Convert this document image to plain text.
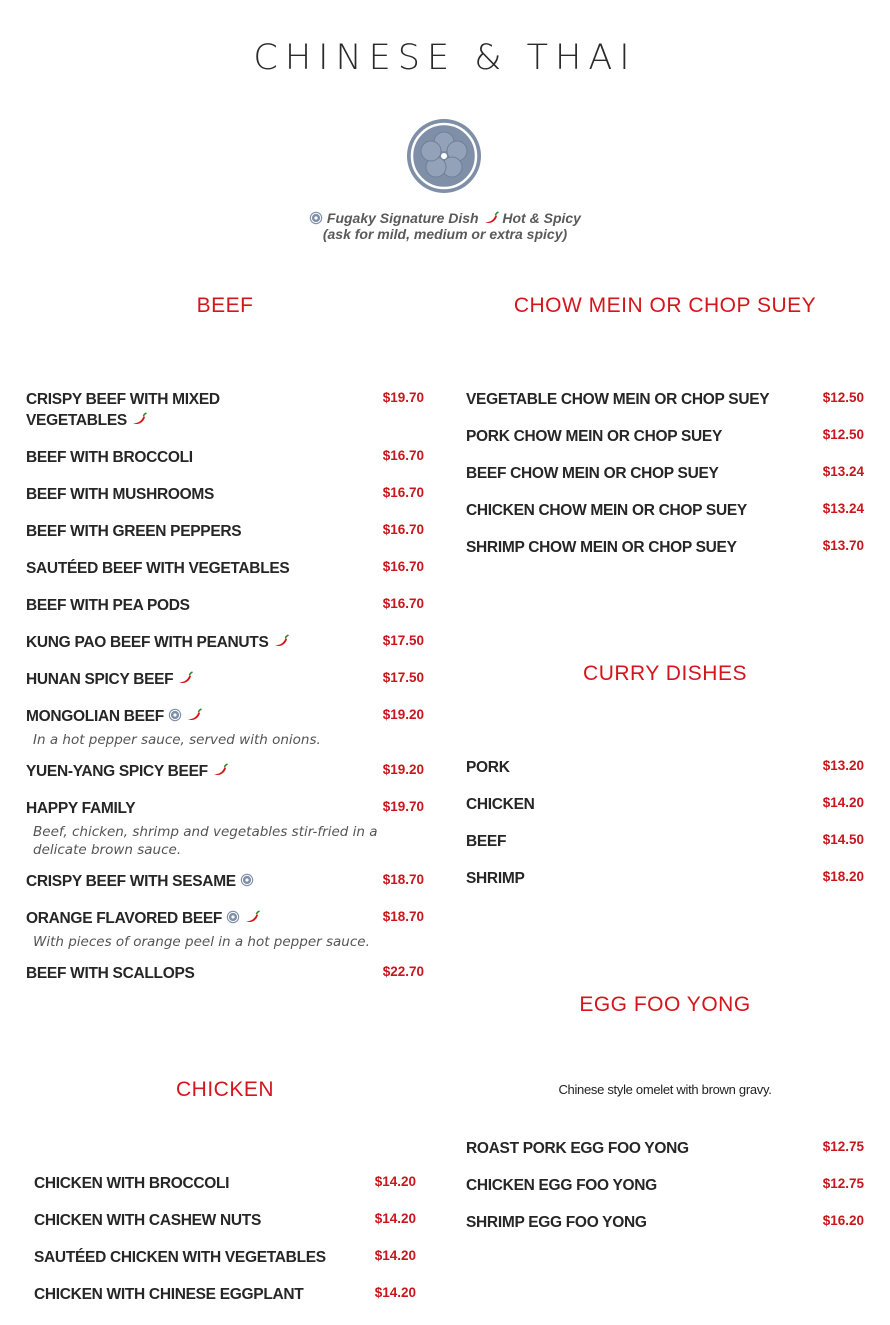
CHINESE & THAI
Fugaky Signature Dish Hot & Spicy
(ask for mild, medium or extra spicy)
BEEF	CHOW MEIN OR CHOP SUEY
CURRY DISHES
EGG FOO YONG
CHICKEN
CRISPY BEEF WITH MIXED VEGETABLES
$19.70
BEEF WITH BROCCOLI	$16.70
BEEF WITH MUSHROOMS	$16.70
BEEF WITH GREEN PEPPERS	$16.70
SAUTÉED BEEF WITH VEGETABLES	$16.70
BEEF WITH PEA PODS	$16.70
KUNG PAO BEEF WITH PEANUTS	$17.50
HUNAN SPICY BEEF	$17.50
MONGOLIAN BEEF	$19.20
In a hot pepper sauce, served with onions.
YUEN-YANG SPICY BEEF	$19.20
HAPPY FAMILY	$19.70
Beef, chicken, shrimp and vegetables stir-fried in a delicate brown sauce.
CRISPY BEEF WITH SESAME	$18.70
ORANGE FLAVORED BEEF	$18.70
With pieces of orange peel in a hot pepper sauce.
BEEF WITH SCALLOPS	$22.70
VEGETABLE CHOW MEIN OR CHOP SUEY	$12.50
PORK CHOW MEIN OR CHOP SUEY	$12.50
BEEF CHOW MEIN OR CHOP SUEY	$13.24
CHICKEN CHOW MEIN OR CHOP SUEY	$13.24
SHRIMP CHOW MEIN OR CHOP SUEY	$13.70
PORK	$13.20
CHICKEN	$14.20
BEEF	$14.50
SHRIMP	$18.20
Chinese style omelet with brown gravy.
ROAST PORK EGG FOO YONG	$12.75
CHICKEN EGG FOO YONG	$12.75
SHRIMP EGG FOO YONG	$16.20
CHICKEN WITH BROCCOLI	$14.20
CHICKEN WITH CASHEW NUTS	$14.20
SAUTÉED CHICKEN WITH VEGETABLES	$14.20
CHICKEN WITH CHINESE EGGPLANT	$14.20
